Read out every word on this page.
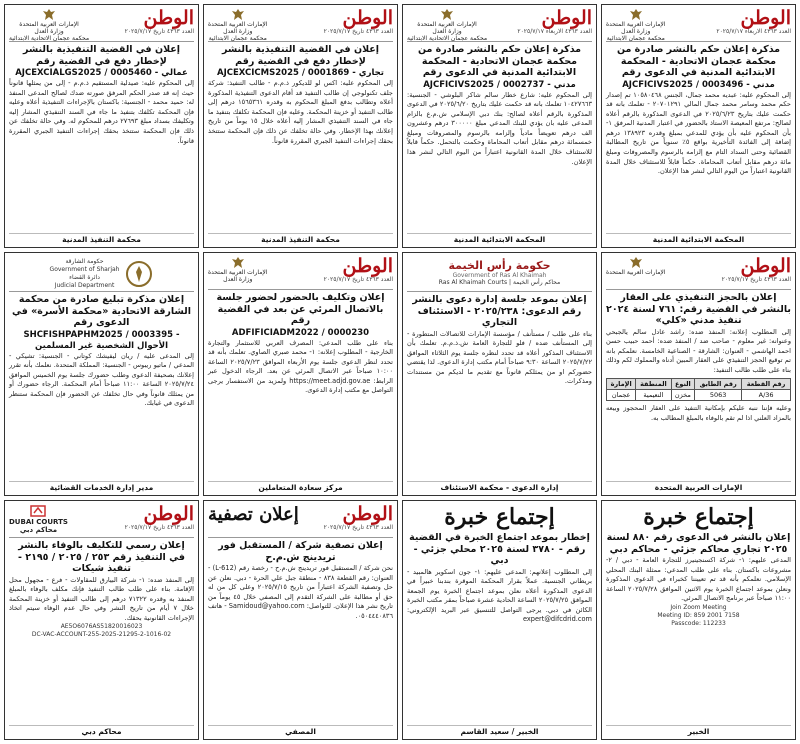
الوطن
العدد ٤٣٦٣ الاربعاء ٢٠٢٥/٧/١٧
الإمارات العربية المتحدة
وزارة العدل
محكمة عجمان الابتدائية
مذكرة إعلان حكم بالنشر صادرة من محكمة عجمان الاتحادية - المحكمة الابتدائية المدنية في الدعوى رقم
AJCFICIVS2025 / 0003496 - مدني
إلى المحكوم عليه: عبديه محمد جمال، الجنس ١٠٥٨٠٤٦٨ تم إصدار حكم محمد وسامر محمد جمال المالي ٢٠٧٠١٢٩١ - تعلمك بانه قد حكمت عليك بتاريخ ٢٠٢٥/٦/٢٣ في الدعوى المذكورة بالرقم أعلاه لصالح: مرتفع المعيصة الاستاذ بالحضور في اعتبار المدنية المرفق ١- بأن المحكوم عليه بأن يؤدي للمدعي بمبلغ وقدره ١٣٨٩٢٣ درهم إضافة إلى الفائدة التأخيرية بواقع ٥٪ سنوياً من تاريخ المطالبة القضائية وحتى السداد التام مع إلزامه بالرسوم والمصروفات ومبلغ مائة درهم مقابل أتعاب المحاماة. حكماً قابلاً للاستئناف خلال المدة القانونية اعتباراً من اليوم التالي لنشر هذا الإعلان.
المحكمة الابتدائية المدنية
الوطن
العدد ٤٣٦٣ الاربعاء ٢٠٢٥/٧/١٧
الإمارات العربية المتحدة
وزارة العدل
محكمة عجمان الاتحادية الابتدائية
مذكرة إعلان حكم بالنشر صادرة من محكمة عجمان الاتحادية - المحكمة الابتدائية المدنية في الدعوى رقم
AJCFICIVS2025 / 0002737 - مدني
إلى المحكوم عليه: شارع خطار سالم شاكر البلوشي - الجنسية: ١٠٤٢٧٦٦٣ تعلمك بانه قد حكمت عليك بتاريخ ٢٠٢٥/٦/٢٠ في الدعوى المذكورة بالرقم أعلاه لصالح: بنك دبي الإسلامي ش.م.ع بالزام المدعى عليه بان يؤدي للبنك المدعي مبلغ ٣٠٠٠٠٠ درهم وعشرون الف درهم تعويضاً مادياً وإلزامه بالرسوم والمصروفات ومبلغ خمسمائة درهم مقابل أتعاب المحاماة وحكمت بالتحمل. حكماً قابلاً للاستئناف خلال المدة القانونية اعتباراً من اليوم التالي لنشر هذا الإعلان.
المحكمة الابتدائية المدنية
الوطن
العدد ٤٣٦٣ تاريخ ٢٠٢٥/٧/١٧
الإمارات العربية المتحدة
وزارة العدل
محكمة عجمان الابتدائية
إعلان في القضية التنفيذية بالنشر لإخطار دفع في القضية رقم
AJCEXCICMS2025 / 0001869 - تجاري
إلى المحكوم عليه: اكس لو للديكور ذ.م.م - طالب التنفيذ: شركة جلف تكنولوجي إن طالب التنفيذ قد أقام الدعوى التنفيذية المذكورة أعلاه وتطالب بدفع المبلغ المحكوم به وقدره ١٥٦٥٣٦١ درهم إلى طالب التنفيذ أو خزينة المحكمة. وعليه فإن المحكمة تكلفك بتنفيذ ما جاء في السند التنفيذي المشار إليه أعلاه خلال ١٥ يوماً من تاريخ إعلانك بهذا الإخطار. وفي حالة تخلفك عن ذلك فإن المحكمة ستتخذ بحقك إجراءات التنفيذ الجبري المقررة قانوناً.
محكمة التنفيذ المدنية
الوطن
العدد ٤٣٦٣ تاريخ ٢٠٢٥/٧/١٧
الإمارات العربية المتحدة
وزارة العدل
محكمة عجمان الاتحادية الابتدائية
إعلان في القضية التنفيذية بالنشر لإخطار دفع في القضية رقم
AJCEXCIALGS2025 / 0005460 - عمالي
إلى المحكوم عليه: صيدلية المستقيم ذ.م.م - إلى من يمثلها قانوناً حيث إنه قد صدر الحكم المرفق صورته ضدك لصالح المدعى المنفذ له: حميد محمد - الجنسية: باكستان بالإجراءات التنفيذية أعلاه وعليه فإن المحكمة تكلفك بتنفيذ ما جاء في السند التنفيذي المشار إليه وتكليفك بسداد مبلغ ٢٧٦٩٣ درهم للمحكوم له. وفي حالة تخلفك عن ذلك فإن المحكمة ستتخذ بحقك إجراءات التنفيذ الجبري المقررة قانوناً.
محكمة التنفيذ المدنية
الوطن
العدد ٤٣٦٣ تاريخ ٢٠٢٥/٧/١٧
الإمارات العربية المتحدة
إعلان بالحجز التنفيذي على العقار بالنشر في القضية رقم: ٧٦١ لسنة ٢٠٢٤ تنفيذ مدني «كلي»
إلى المطلوب إعلانه: المنفذ ضده: راشد عادل سالم يالجبحي وعنوانه: غير معلوم - صاحب ضد / المنفذ ضده: أحمد حبيب حسن احمد الهاشمي - العنوان: الشارقة - الصناعية الخامسة. نعلمكم بانه تم توقيع الحجز التنفيذي على العقار المبين أدناه والمملوك لكم وذلك بناء على طلب طالب التنفيذ:
رقم القطعة	رقم الطابق	النوع	المنطقة	الإمارة
A/36	5063	مخزن	النعيمية	عجمان
وعليه فإننا ننبه عليكم بإمكانية التنفيذ على العقار المحجوز وبيعه بالمزاد العلني اذا لم تقم بالوفاء بالمبلغ المطالب به.
الإمارات العربية المتحدة
حكومة رأس الخيمة
Government of Ras Al Khaimah
محاكم رأس الخيمة | Ras Al Khaimah Courts
إعلان بموعد جلسة إدارة دعوى بالنشر رقم الدعوى: ٢٠٢٥/٢٣٨ - الاستئناف التجاري
بناء على طلب / مستأنف / مؤسسة الإمارات للاتصالات المتطورة - إلى المستأنف ضده / فلو للتجارة العامة ش.ذ.م.م. تعلمك بأن الاستئناف المذكور أعلاه قد تحدد لنظره جلسة يوم الثلاثاء الموافق ٢٠٢٥/٧/٢٢ الساعة ٩:٣٠ صباحاً أمام مكتب إدارة الدعوى. لذا يقتضي حضوركم او من يمثلكم قانوناً مع تقديم ما لديكم من مستندات ومذكرات.
إدارة الدعوى - محكمة الاستئناف
الوطن
العدد ٤٣٦٣ تاريخ ٢٠٢٥/٧/١٧
الإمارات العربية المتحدة
وزارة العدل
إعلان وتكليف بالحضور لحضور جلسة بالاتصال المرئي عن بعد في القضية رقم
ADFIFICIADM2022 / 0000230
بناء على طلب المدعي: المصرف العربي للاستثمار والتجارة الخارجية - المطلوب إعلانه: ١- محمد صبري الصاوي. تعلمك بأنه قد تحدد لنظر الدعوى جلسة يوم الأربعاء الموافق ٢٠٢٥/٧/٢٣ الساعة ١٠:٠٠ صباحاً عبر الاتصال المرئي عن بعد. الرجاء الدخول عبر الرابط: https://meet.adjd.gov.ae ولمزيد من الاستفسار يرجى التواصل مع مكتب إدارة الدعوى.
مركز سعادة المتعاملين
حكومة الشارقة
Government of Sharjah
دائرة القضاء
Judicial Department
إعلان مذكرة تبليغ صادرة من محكمة الشارقة الاتحادية «محكمة الأسرة» في الدعوى رقم
SHCFISHPAPHM2025 / 0003395 - الأحوال الشخصية غير المسلمين
إلى المدعى عليه / ريان ليفيشك كوتاني - الجنسية: تشيكي - المدعي / ماتيو ريبوس - الجنسية: المملكة المتحدة. نعلمك بأنه تقرر إعلانك بصحيفة الدعوى وطلب حضورك جلسة يوم الخميس الموافق ٢٠٢٥/٧/٢٤ الساعة ١١:٠٠ صباحاً أمام المحكمة. الرجاء حضورك أو من يمثلك قانوناً وفي حال تخلفك عن الحضور فإن المحكمة ستنظر الدعوى في غيابك.
مدير إدارة الخدمات القضائية
إجتماع خبرة
إعلان بالنشر في الدعوى رقم ٨٨٠ لسنة ٢٠٢٥ تجاري محاكم جزئي - محاكم دبي
المدعى عليهم: ١- شركة اكسنجينيرز للتجارة العامة - دبي / ٢- مشروعات باكستان. بناء على طلب المدعي: ممثلة البنك المحلي الإسلامي. نعلمكم بأنه قد تم تعييننا كخبراء في الدعوى المذكورة ونعلن بموعد اجتماع الخبرة يوم الاثنين الموافق ٢٠٢٥/٧/٢٨ الساعة ١١:٠٠ صباحاً عبر برنامج الاتصال المرئي.
Join Zoom Meeting
Meeting ID: 859 2001 7158
Passcode: 112233
الخبير
إجتماع خبرة
إخطار بموعد اجتماع الخبرة في القضية رقم - ٣٧٨٠ لسنة ٢٠٢٥ محلي جزئي - دبي
إلى المطلوب إعلانهم: المدعى عليهم: ١- جون اسكوير هالمبيد - بريطاني الجنسية. عملاً بقرار المحكمة الموقرة بندبنا خبيراً في الدعوى المذكورة أعلاه نعلن بموعد اجتماع الخبرة يوم الجمعة الموافق ٢٠٢٥/٧/٢٥ الساعة الحادية عشرة صباحاً بمقر مكتب الخبرة الكائن في دبي. يرجى التواصل للتنسيق عبر البريد الإلكتروني: expert@difcdrid.com
الخبير / سعيد القاسم
الوطن
العدد ٤٣٦٣ تاريخ ٢٠٢٥/٧/١٧
إعلان تصفية
إعلان تصفية شركة / المستقبل فور تريدينج ش.م.ح
نحن شركة / المستقبل فور تريدينج ش.م.ح - رخصة رقم (L-612) - العنوان: رقم القطعة ٨٣٨ - منطقة جبل علي الحرة - دبي. نعلن عن حل وتصفية الشركة اعتباراً من تاريخ ٢٠٢٥/٧/١٥ وعلى كل من له حق أو مطالبة على الشركة التقدم إلى المصفي خلال ٤٥ يوماً من تاريخ نشر هذا الإعلان. للتواصل: Samidoud@yahoo.com - هاتف ٠٥٠٤٤٤٠٨٣٦.
المصفي
الوطن
العدد ٤٣٦٣ تاريخ ٢٠٢٥/٧/١٧
DUBAI COURTS
محاكم دبي
إعلان رسمي للتكليف بالوفاء بالنشر في التنفيذ رقم ٢٥٣ / ٢٠٢٥ / ٢١٩٥ - تنفيذ شيكات
إلى المنفذ ضده: ١- شركة البيارق للمقاولات - فرع - مجهول محل الإقامة. بناء على طلب طالب التنفيذ فإنك مكلف بالوفاء بالمبلغ المنفذ به وقدره ٧١٣٢٢ درهم إلى طالب التنفيذ أو خزينة المحكمة خلال ٧ أيام من تاريخ النشر وفي حال عدم الوفاء سيتم اتخاذ الإجراءات القانونية بحقك.
AE5O6076AS51820016023
DC-VAC-ACCOUNT-255-2025-21295-2-1016-02
محاكم دبي
